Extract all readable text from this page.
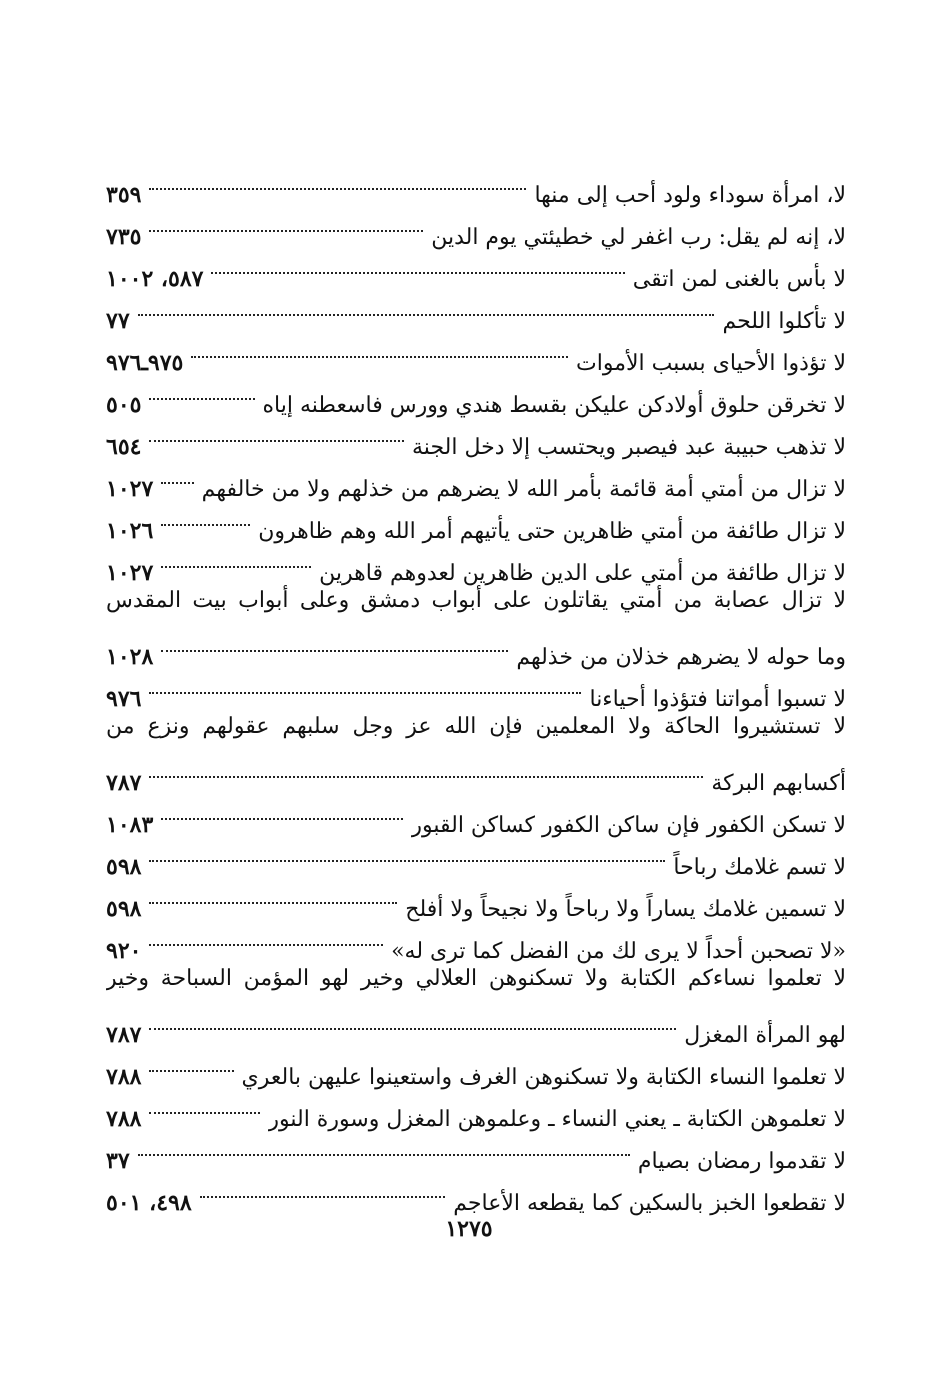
لا، امرأة سوداء ولود أحب إلى منها
٣٥٩
لا، إنه لم يقل: رب اغفر لي خطيئتي يوم الدين
٧٣٥
لا بأس بالغنى لمن اتقى
٥٨٧، ١٠٠٢
لا تأكلوا اللحم
٧٧
لا تؤذوا الأحياى بسبب الأموات
٩٧٥ـ٩٧٦
لا تخرقن حلوق أولادكن عليكن بقسط هندي وورس فاسعطنه إياه
٥٠٥
لا تذهب حبيبة عبد فيصبر ويحتسب إلا دخل الجنة
٦٥٤
لا تزال من أمتي أمة قائمة بأمر الله لا يضرهم من خذلهم ولا من خالفهم
١٠٢٧
لا تزال طائفة من أمتي ظاهرين حتى يأتيهم أمر الله وهم ظاهرون
١٠٢٦
لا تزال طائفة من أمتي على الدين ظاهرين لعدوهم قاهرين
١٠٢٧
لا تزال عصابة من أمتي يقاتلون على أبواب دمشق وعلى أبواب بيت المقدس
وما حوله لا يضرهم خذلان من خذلهم
١٠٢٨
لا تسبوا أمواتنا فتؤذوا أحياءنا
٩٧٦
لا تستشيروا الحاكة ولا المعلمين فإن الله عز وجل سلبهم عقولهم ونزع من
أكسابهم البركة
٧٨٧
لا تسكن الكفور فإن ساكن الكفور كساكن القبور
١٠٨٣
لا تسم غلامك رباحاً
٥٩٨
لا تسمين غلامك يساراً ولا رباحاً ولا نجيحاً ولا أفلح
٥٩٨
«لا تصحبن أحداً لا يرى لك من الفضل كما ترى له»
٩٢٠
لا تعلموا نساءكم الكتابة ولا تسكنوهن العلالي وخير لهو المؤمن السباحة وخير
لهو المرأة المغزل
٧٨٧
لا تعلموا النساء الكتابة ولا تسكنوهن الغرف واستعينوا عليهن بالعري
٧٨٨
لا تعلموهن الكتابة ـ يعني النساء ـ وعلموهن المغزل وسورة النور
٧٨٨
لا تقدموا رمضان بصيام
٣٧
لا تقطعوا الخبز بالسكين كما يقطعه الأعاجم
٤٩٨، ٥٠١
١٢٧٥
